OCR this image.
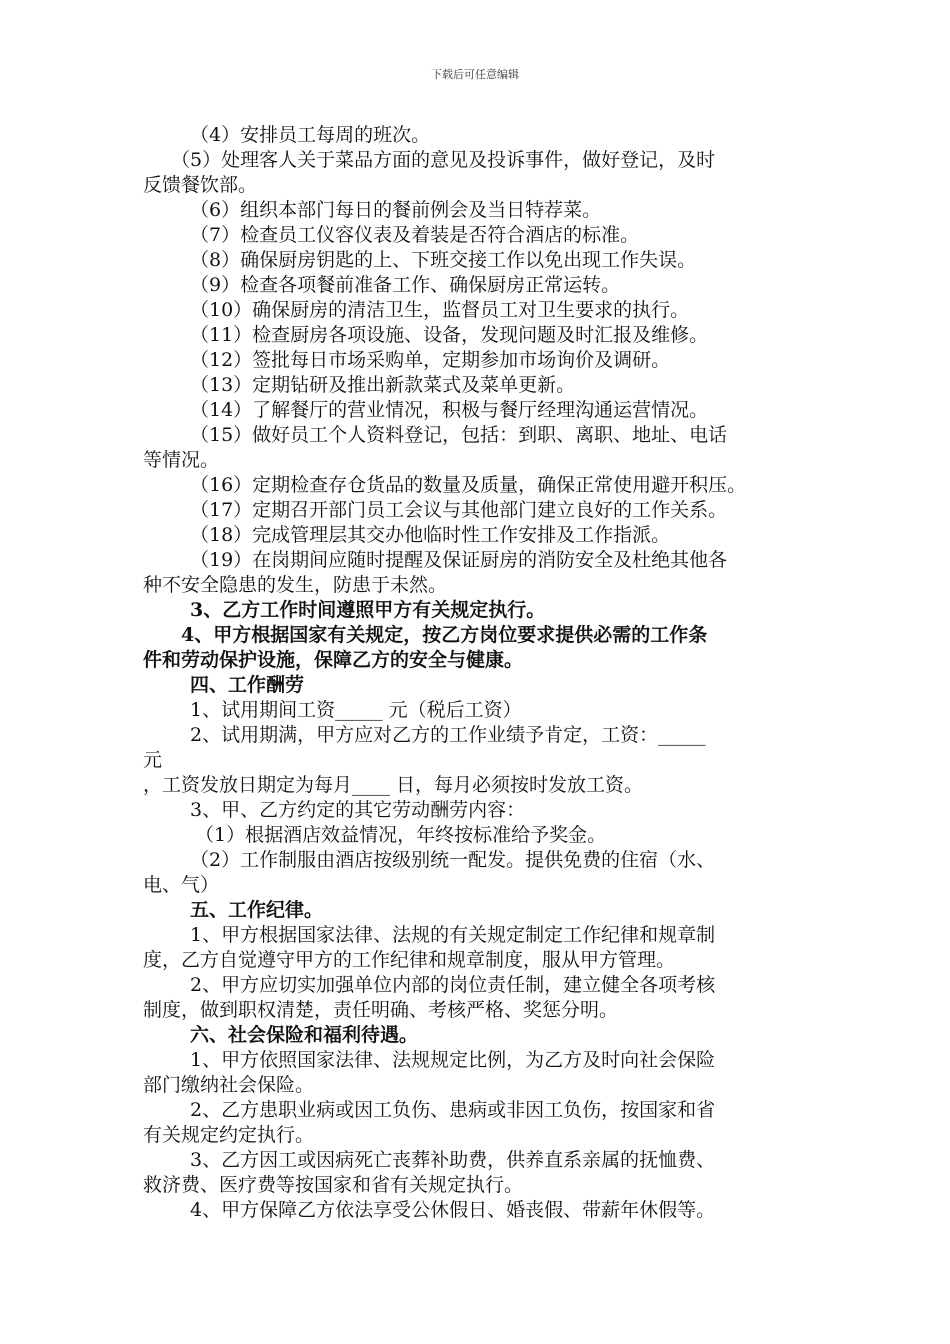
下载后可任意编辑
（4）安排员工每周的班次。
（5）处理客人关于菜品方面的意见及投诉事件，做好登记，及时
反馈餐饮部。
（6）组织本部门每日的餐前例会及当日特荐菜。
（7）检查员工仪容仪表及着装是否符合酒店的标准。
（8）确保厨房钥匙的上、下班交接工作以免出现工作失误。
（9）检查各项餐前准备工作、确保厨房正常运转。
（10）确保厨房的清洁卫生，监督员工对卫生要求的执行。
（11）检查厨房各项设施、设备，发现问题及时汇报及维修。
（12）签批每日市场采购单，定期参加市场询价及调研。
（13）定期钻研及推出新款菜式及菜单更新。
（14）了解餐厅的营业情况，积极与餐厅经理沟通运营情况。
（15）做好员工个人资料登记，包括：到职、离职、地址、电话
等情况。
（16）定期检查存仓货品的数量及质量，确保正常使用避开积压。
（17）定期召开部门员工会议与其他部门建立良好的工作关系。
（18）完成管理层其交办他临时性工作安排及工作指派。
（19）在岗期间应随时提醒及保证厨房的消防安全及杜绝其他各
种不安全隐患的发生，防患于未然。
3、乙方工作时间遵照甲方有关规定执行。
4、甲方根据国家有关规定，按乙方岗位要求提供必需的工作条
件和劳动保护设施，保障乙方的安全与健康。
四、工作酬劳
1、试用期间工资_____ 元（税后工资）
2、试用期满，甲方应对乙方的工作业绩予肯定，工资：_____
元
，工资发放日期定为每月____ 日，每月必须按时发放工资。
3、甲、乙方约定的其它劳动酬劳内容：
（1）根据酒店效益情况，年终按标准给予奖金。
（2）工作制服由酒店按级别统一配发。提供免费的住宿（水、
电、气）
五、工作纪律。
1、甲方根据国家法律、法规的有关规定制定工作纪律和规章制
度，乙方自觉遵守甲方的工作纪律和规章制度，服从甲方管理。
2、甲方应切实加强单位内部的岗位责任制，建立健全各项考核
制度，做到职权清楚，责任明确、考核严格、奖惩分明。
六、社会保险和福利待遇。
1、甲方依照国家法律、法规规定比例，为乙方及时向社会保险
部门缴纳社会保险。
2、乙方患职业病或因工负伤、患病或非因工负伤，按国家和省
有关规定约定执行。
3、乙方因工或因病死亡丧葬补助费，供养直系亲属的抚恤费、
救济费、医疗费等按国家和省有关规定执行。
4、甲方保障乙方依法享受公休假日、婚丧假、带薪年休假等。
